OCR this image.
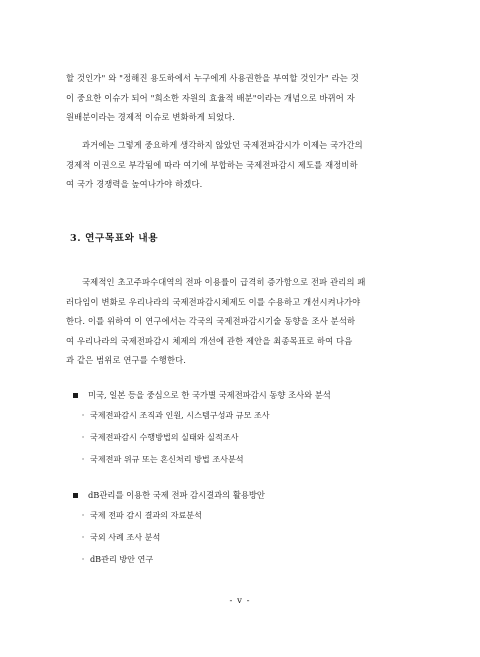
할 것인가" 와 "정해진 용도하에서 누구에게 사용권한을 부여할 것인가" 라는 것
이 중요한 이슈가 되어 "희소한 자원의 효율적 배분"이라는 개념으로 바뀌어 자
원배분이라는 경제적 이슈로 변화하게 되었다.
과거에는 그렇게 중요하게 생각하지 않았던 국제전파감시가 이제는 국가간의
경제적 이권으로 부각됨에 따라 여기에 부합하는 국제전파감시 제도를 재정비하
여 국가 경쟁력을 높여나가야 하겠다.
3. 연구목표와 내용
국제적인 초고주파수대역의 전파 이용률이 급격히 증가함으로 전파 관리의 패
러다임이 변화로 우리나라의 국제전파감시체제도 이를 수용하고 개선시켜나가야
한다. 이를 위하여 이 연구에서는 각국의 국제전파감시기술 동향을 조사 분석하
여 우리나라의 국제전파감시 체제의 개선에 관한 제안을 최종목표로 하여 다음
과 같은 범위로 연구를 수행한다.
미국, 일본 등을 중심으로 한 국가별 국제전파감시 동향 조사와 분석
· 국제전파감시 조직과 인원, 시스템구성과 규모 조사
· 국제전파감시 수행방법의 실태와 실적조사
· 국제전파 위규 또는 혼신처리 방법 조사분석
dB관리를 이용한 국제 전파 감시결과의 활용방안
· 국제 전파 감시 결과의 자료분석
· 국외 사례 조사 분석
· dB관리 방안 연구
- v -
